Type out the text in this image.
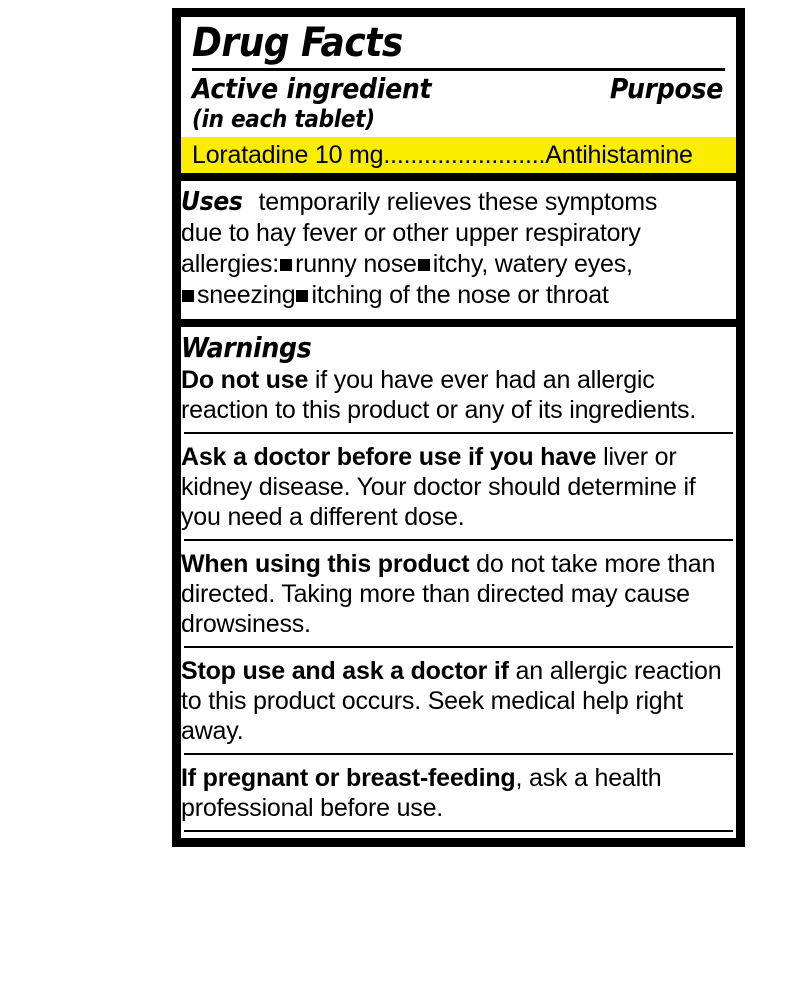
Drug Facts
Active ingredient	Purpose
(in each tablet)
Loratadine 10 mg........................Antihistamine
Uses temporarily relieves these symptoms
due to hay fever or other upper respiratory
allergies: runny nose itchy, watery eyes,
sneezing itching of the nose or throat
Warnings
Do not use if you have ever had an allergic reaction to this product or any of its ingredients.
Ask a doctor before use if you have liver or kidney disease. Your doctor should determine if you need a different dose.
When using this product do not take more than directed. Taking more than directed may cause drowsiness.
Stop use and ask a doctor if an allergic reaction to this product occurs. Seek medical help right away.
If pregnant or breast-feeding, ask a health professional before use.
